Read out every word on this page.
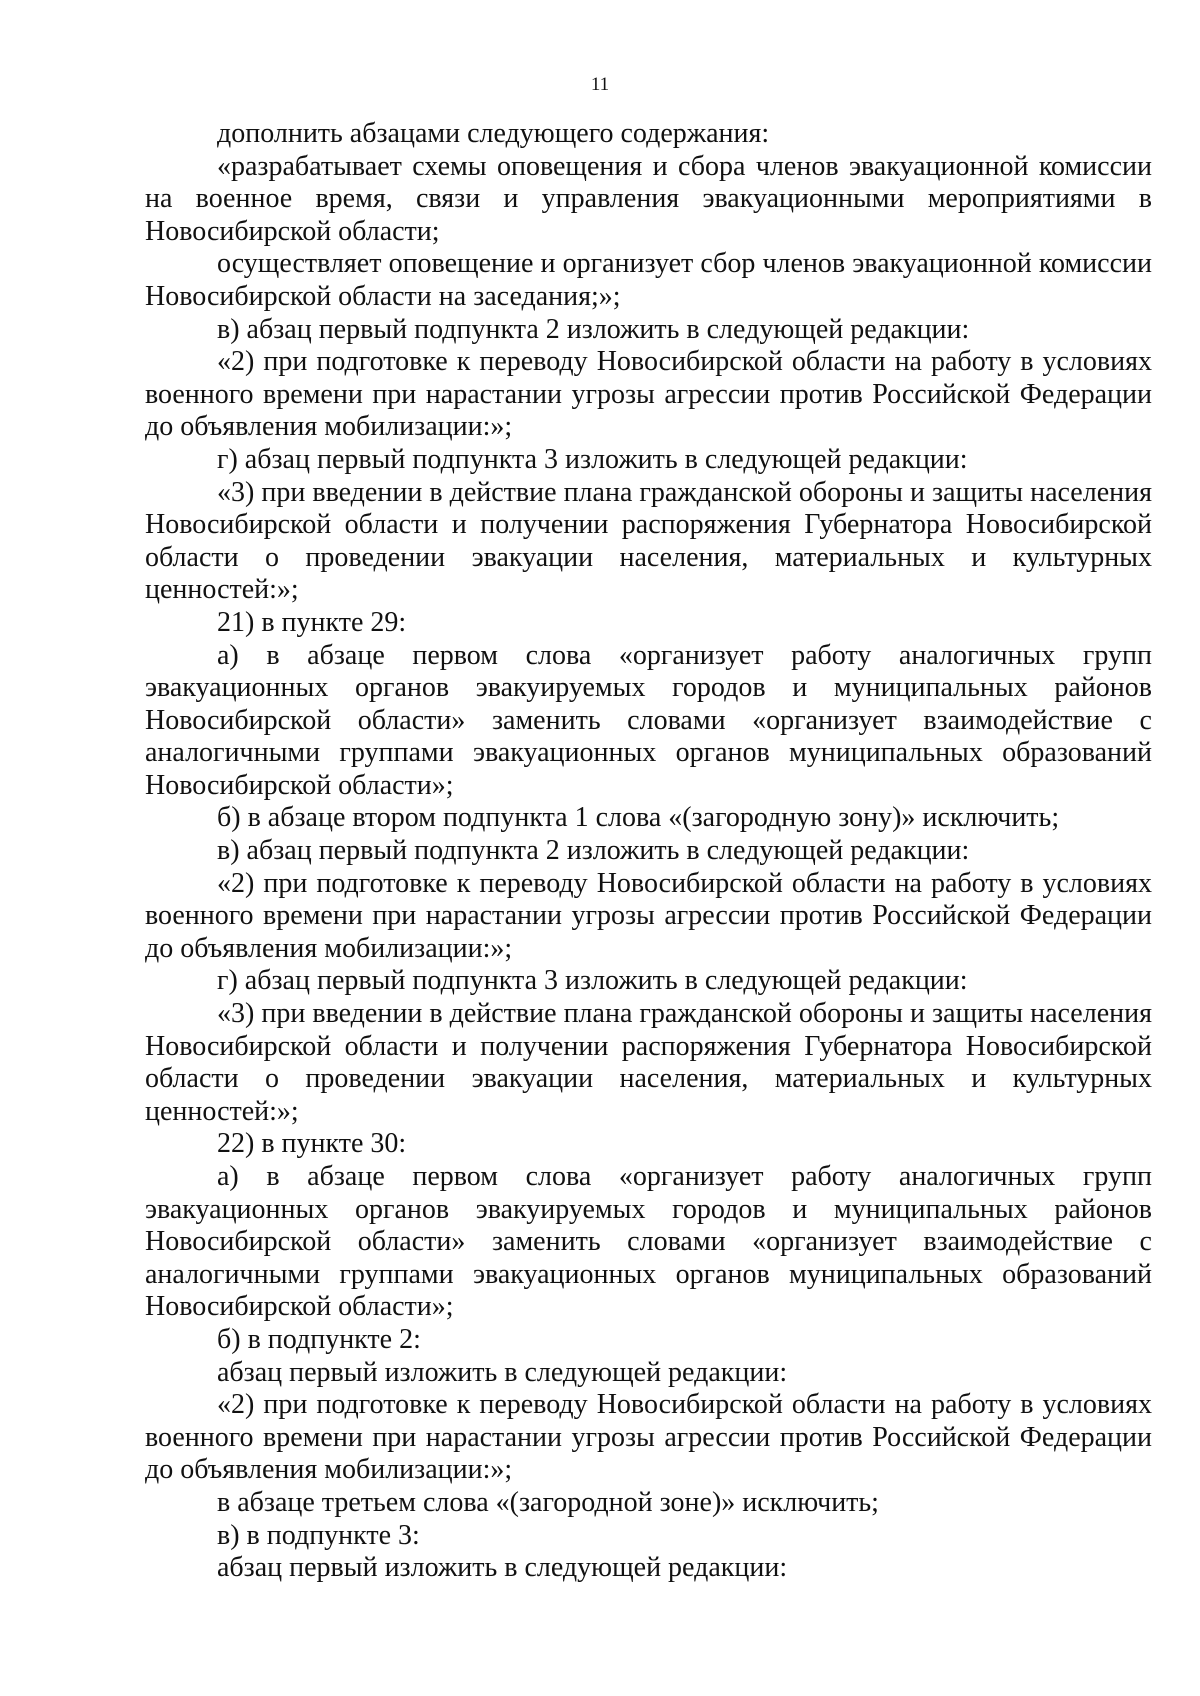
11

дополнить абзацами следующего содержания:

«разрабатывает схемы оповещения и сбора членов эвакуационной комиссии на военное время, связи и управления эвакуационными мероприятиями в Новосибирской области;

осуществляет оповещение и организует сбор членов эвакуационной комиссии Новосибирской области на заседания;»;

в) абзац первый подпункта 2 изложить в следующей редакции:

«2) при подготовке к переводу Новосибирской области на работу в условиях военного времени при нарастании угрозы агрессии против Российской Федерации до объявления мобилизации:»;

г) абзац первый подпункта 3 изложить в следующей редакции:

«3) при введении в действие плана гражданской обороны и защиты населения Новосибирской области и получении распоряжения Губернатора Новосибирской области о проведении эвакуации населения, материальных и культурных ценностей:»;

21) в пункте 29:

а) в абзаце первом слова «организует работу аналогичных групп эвакуационных органов эвакуируемых городов и муниципальных районов Новосибирской области» заменить словами «организует взаимодействие с аналогичными группами эвакуационных органов муниципальных образований Новосибирской области»;

б) в абзаце втором подпункта 1 слова «(загородную зону)» исключить;

в) абзац первый подпункта 2 изложить в следующей редакции:

«2) при подготовке к переводу Новосибирской области на работу в условиях военного времени при нарастании угрозы агрессии против Российской Федерации до объявления мобилизации:»;

г) абзац первый подпункта 3 изложить в следующей редакции:

«3) при введении в действие плана гражданской обороны и защиты населения Новосибирской области и получении распоряжения Губернатора Новосибирской области о проведении эвакуации населения, материальных и культурных ценностей:»;

22) в пункте 30:

а) в абзаце первом слова «организует работу аналогичных групп эвакуационных органов эвакуируемых городов и муниципальных районов Новосибирской области» заменить словами «организует взаимодействие с аналогичными группами эвакуационных органов муниципальных образований Новосибирской области»;

б) в подпункте 2:

абзац первый изложить в следующей редакции:

«2) при подготовке к переводу Новосибирской области на работу в условиях военного времени при нарастании угрозы агрессии против Российской Федерации до объявления мобилизации:»;

в абзаце третьем слова «(загородной зоне)» исключить;

в) в подпункте 3:

абзац первый изложить в следующей редакции:
